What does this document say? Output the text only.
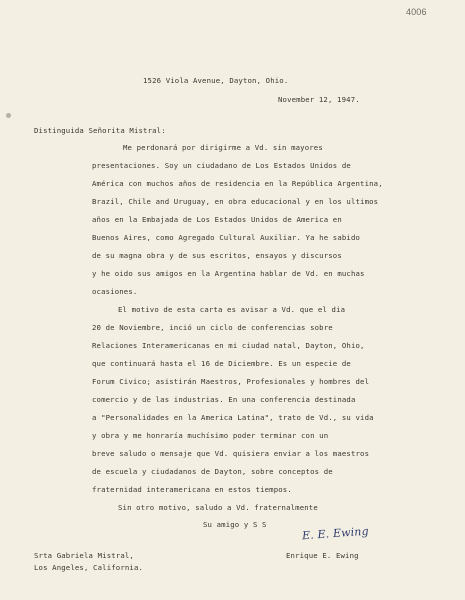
4006
1526 Viola Avenue, Dayton, Ohio.
November 12, 1947.
Distinguida Señorita Mistral:
Me perdonará por dirigirme a Vd. sin mayores
presentaciones. Soy un ciudadano de Los Estados Unidos de
América con muchos años de residencia en la República Argentina,
Brazil, Chile and Uruguay, en obra educacional y en los ultimos
años en la Embajada de Los Estados Unidos de America en
Buenos Aires, como Agregado Cultural Auxiliar. Ya he sabido
de su magna obra y de sus escritos, ensayos y discursos
y he oido sus amigos en la Argentina hablar de Vd. en muchas
ocasiones.
El motivo de esta carta es avisar a Vd. que el dia
20 de Noviembre, inció un ciclo de conferencias sobre
Relaciones Interamericanas en mi ciudad natal, Dayton, Ohio,
que continuará hasta el 16 de Diciembre. Es un especie de
Forum Civico; asistirán Maestros, Profesionales y hombres del
comercio y de las industrias. En una conferencia destinada
a "Personalidades en la America Latina", trato de Vd., su vida
y obra y me honraría muchísimo poder terminar con un
breve saludo o mensaje que Vd. quisiera enviar a los maestros
de escuela y ciudadanos de Dayton, sobre conceptos de
fraternidad interamericana en estos tiempos.
Sin otro motivo, saludo a Vd. fraternalmente
Su amigo y S S
E. E. Ewing
Enrique E. Ewing
Srta Gabriela Mistral,
Los Angeles, California.
